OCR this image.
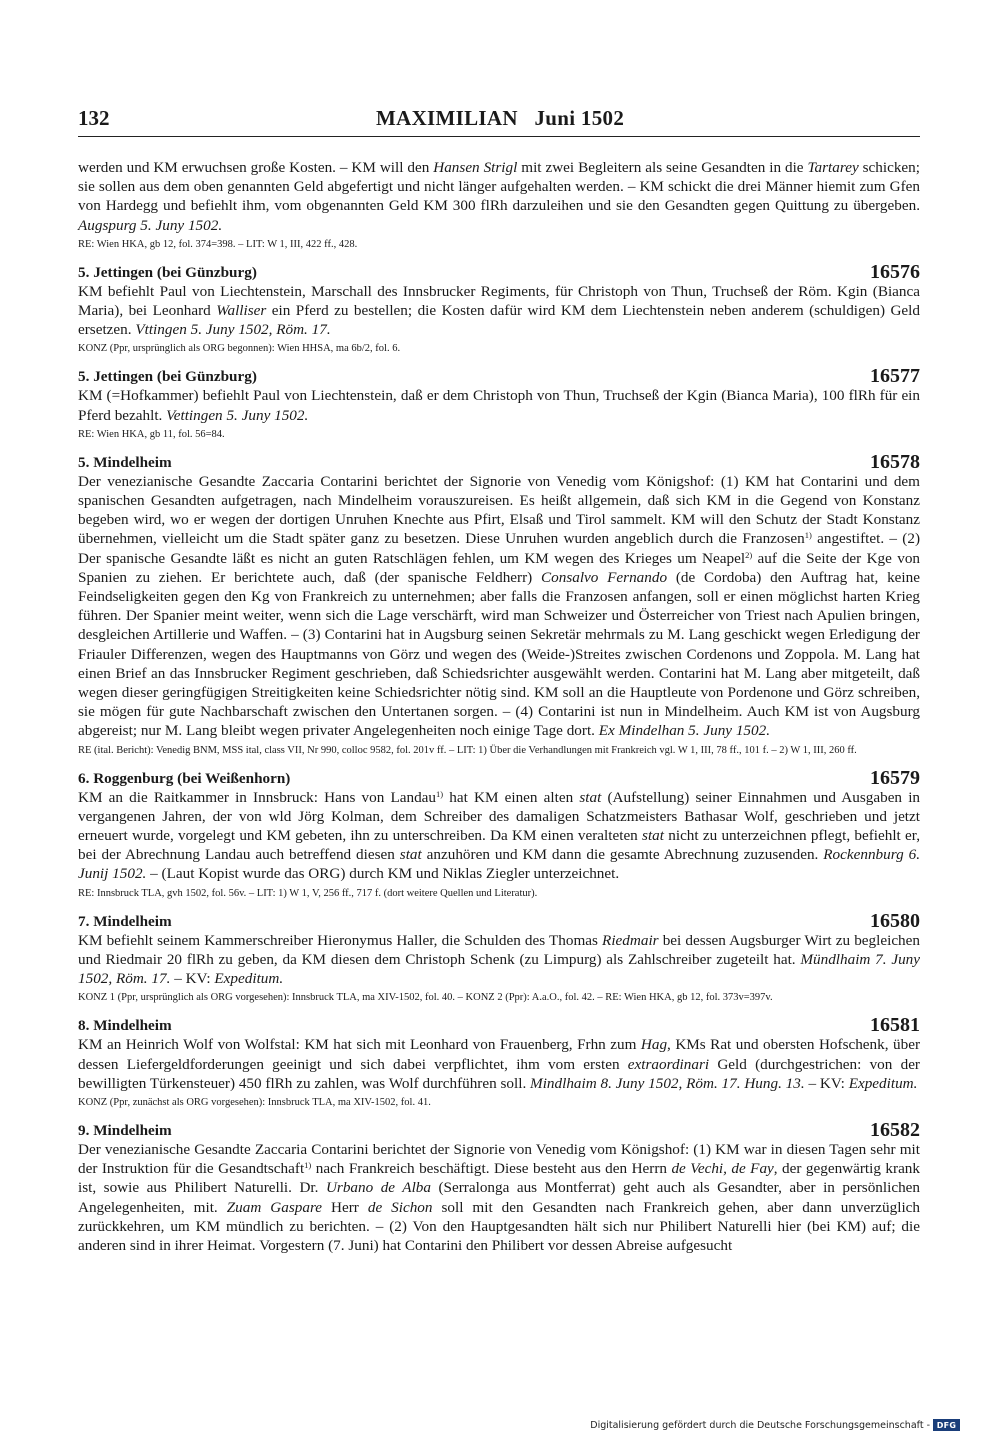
132	MAXIMILIAN   Juni 1502

werden und KM erwuchsen große Kosten. – KM will den Hansen Strigl mit zwei Begleitern als seine Gesandten in die Tartarey schicken; sie sollen aus dem oben genannten Geld abgefertigt und nicht länger aufgehalten werden. – KM schickt die drei Männer hiemit zum Gfen von Hardegg und befiehlt ihm, vom obgenannten Geld KM 300 flRh darzuleihen und sie den Gesandten gegen Quittung zu übergeben. Augspurg 5. Juny 1502.

RE: Wien HKA, gb 12, fol. 374=398. – LIT: W 1, III, 422 ff., 428.

5. Jettingen (bei Günzburg)	16576

KM befiehlt Paul von Liechtenstein, Marschall des Innsbrucker Regiments, für Christoph von Thun, Truchseß der Röm. Kgin (Bianca Maria), bei Leonhard Walliser ein Pferd zu bestellen; die Kosten dafür wird KM dem Liechtenstein neben anderem (schuldigen) Geld ersetzen. Vttingen 5. Juny 1502, Röm. 17.

KONZ (Ppr, ursprünglich als ORG begonnen): Wien HHSA, ma 6b/2, fol. 6.

5. Jettingen (bei Günzburg)	16577

KM (=Hofkammer) befiehlt Paul von Liechtenstein, daß er dem Christoph von Thun, Truchseß der Kgin (Bianca Maria), 100 flRh für ein Pferd bezahlt. Vettingen 5. Juny 1502.

RE: Wien HKA, gb 11, fol. 56=84.

5. Mindelheim	16578

Der venezianische Gesandte Zaccaria Contarini berichtet der Signorie von Venedig vom Königshof: (1) KM hat Contarini und dem spanischen Gesandten aufgetragen, nach Mindelheim vorauszureisen. Es heißt allgemein, daß sich KM in die Gegend von Konstanz begeben wird, wo er wegen der dortigen Unruhen Knechte aus Pfirt, Elsaß und Tirol sammelt. KM will den Schutz der Stadt Konstanz übernehmen, vielleicht um die Stadt später ganz zu besetzen. Diese Unruhen wurden angeblich durch die Franzosen$^{1)}$ angestiftet. – (2) Der spanische Gesandte läßt es nicht an guten Ratschlägen fehlen, um KM wegen des Krieges um Neapel$^{2)}$ auf die Seite der Kge von Spanien zu ziehen. Er berichtete auch, daß (der spanische Feldherr) Consalvo Fernando (de Cordoba) den Auftrag hat, keine Feindseligkeiten gegen den Kg von Frankreich zu unternehmen; aber falls die Franzosen anfangen, soll er einen möglichst harten Krieg führen. Der Spanier meint weiter, wenn sich die Lage verschärft, wird man Schweizer und Österreicher von Triest nach Apulien bringen, desgleichen Artillerie und Waffen. – (3) Contarini hat in Augsburg seinen Sekretär mehrmals zu M. Lang geschickt wegen Erledigung der Friauler Differenzen, wegen des Hauptmanns von Görz und wegen des (Weide-)Streites zwischen Cordenons und Zoppola. M. Lang hat einen Brief an das Innsbrucker Regiment geschrieben, daß Schiedsrichter ausgewählt werden. Contarini hat M. Lang aber mitgeteilt, daß wegen dieser geringfügigen Streitigkeiten keine Schiedsrichter nötig sind. KM soll an die Hauptleute von Pordenone und Görz schreiben, sie mögen für gute Nachbarschaft zwischen den Untertanen sorgen. – (4) Contarini ist nun in Mindelheim. Auch KM ist von Augsburg abgereist; nur M. Lang bleibt wegen privater Angelegenheiten noch einige Tage dort. Ex Mindelhan 5. Juny 1502.

RE (ital. Bericht): Venedig BNM, MSS ital, class VII, Nr 990, colloc 9582, fol. 201v ff. – LIT: 1) Über die Verhandlungen mit Frankreich vgl. W 1, III, 78 ff., 101 f. – 2) W 1, III, 260 ff.

6. Roggenburg (bei Weißenhorn)	16579

KM an die Raitkammer in Innsbruck: Hans von Landau$^{1)}$ hat KM einen alten stat (Aufstellung) seiner Einnahmen und Ausgaben in vergangenen Jahren, der von wld Jörg Kolman, dem Schreiber des damaligen Schatzmeisters Bathasar Wolf, geschrieben und jetzt erneuert wurde, vorgelegt und KM gebeten, ihn zu unterschreiben. Da KM einen veralteten stat nicht zu unterzeichnen pflegt, befiehlt er, bei der Abrechnung Landau auch betreffend diesen stat anzuhören und KM dann die gesamte Abrechnung zuzusenden. Rockennburg 6. Junij 1502. – (Laut Kopist wurde das ORG) durch KM und Niklas Ziegler unterzeichnet.

RE: Innsbruck TLA, gvh 1502, fol. 56v. – LIT: 1) W 1, V, 256 ff., 717 f. (dort weitere Quellen und Literatur).

7. Mindelheim	16580

KM befiehlt seinem Kammerschreiber Hieronymus Haller, die Schulden des Thomas Riedmair bei dessen Augsburger Wirt zu begleichen und Riedmair 20 flRh zu geben, da KM diesen dem Christoph Schenk (zu Limpurg) als Zahlschreiber zugeteilt hat. Mündlhaim 7. Juny 1502, Röm. 17. – KV: Expeditum.

KONZ 1 (Ppr, ursprünglich als ORG vorgesehen): Innsbruck TLA, ma XIV-1502, fol. 40. – KONZ 2 (Ppr): A.a.O., fol. 42. – RE: Wien HKA, gb 12, fol. 373v=397v.

8. Mindelheim	16581

KM an Heinrich Wolf von Wolfstal: KM hat sich mit Leonhard von Frauenberg, Frhn zum Hag, KMs Rat und obersten Hofschenk, über dessen Liefergeldforderungen geeinigt und sich dabei verpflichtet, ihm vom ersten extraordinari Geld (durchgestrichen: von der bewilligten Türkensteuer) 450 flRh zu zahlen, was Wolf durchführen soll. Mindlhaim 8. Juny 1502, Röm. 17. Hung. 13. – KV: Expeditum.

KONZ (Ppr, zunächst als ORG vorgesehen): Innsbruck TLA, ma XIV-1502, fol. 41.

9. Mindelheim	16582

Der venezianische Gesandte Zaccaria Contarini berichtet der Signorie von Venedig vom Königshof: (1) KM war in diesen Tagen sehr mit der Instruktion für die Gesandtschaft$^{1)}$ nach Frankreich beschäftigt. Diese besteht aus den Herrn de Vechi, de Fay, der gegenwärtig krank ist, sowie aus Philibert Naturelli. Dr. Urbano de Alba (Serralonga aus Montferrat) geht auch als Gesandter, aber in persönlichen Angelegenheiten, mit. Zuam Gaspare Herr de Sichon soll mit den Gesandten nach Frankreich gehen, aber dann unverzüglich zurückkehren, um KM mündlich zu berichten. – (2) Von den Hauptgesandten hält sich nur Philibert Naturelli hier (bei KM) auf; die anderen sind in ihrer Heimat. Vorgestern (7. Juni) hat Contarini den Philibert vor dessen Abreise aufgesucht

Digitalisierung gefördert durch die Deutsche Forschungsgemeinschaft - DFG
